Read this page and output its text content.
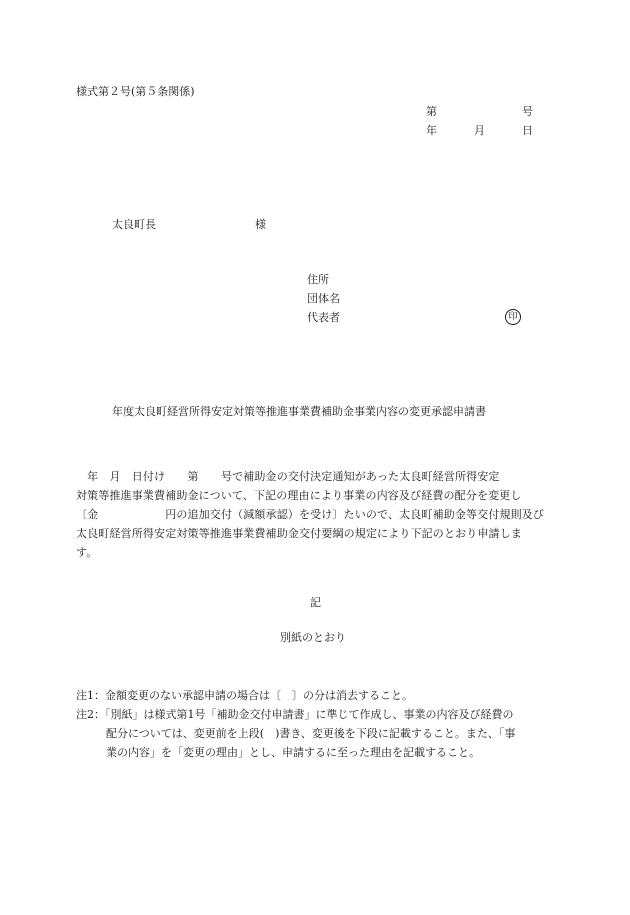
様式第２号(第５条関係)
第	号
年	月	日
太良町長	様
住所
団体名
代表者	印
年度太良町経営所得安定対策等推進事業費補助金事業内容の変更承認申請書
　年　月　日付け　　第　　号で補助金の交付決定通知があった太良町経営所得安定
対策等推進事業費補助金について、下記の理由により事業の内容及び経費の配分を変更し
〔金　　　　　　円の追加交付（減額承認）を受け〕たいので、太良町補助金等交付規則及び
太良町経営所得安定対策等推進事業費補助金交付要綱の規定により下記のとおり申請しま
す。
記
別紙のとおり
注1：金額変更のない承認申請の場合は〔　〕の分は消去すること。
注2：「別紙」は様式第1号「補助金交付申請書」に準じて作成し、事業の内容及び経費の
配分については、変更前を上段(　)書き、変更後を下段に記載すること。また、「事
業の内容」を「変更の理由」とし、申請するに至った理由を記載すること。
